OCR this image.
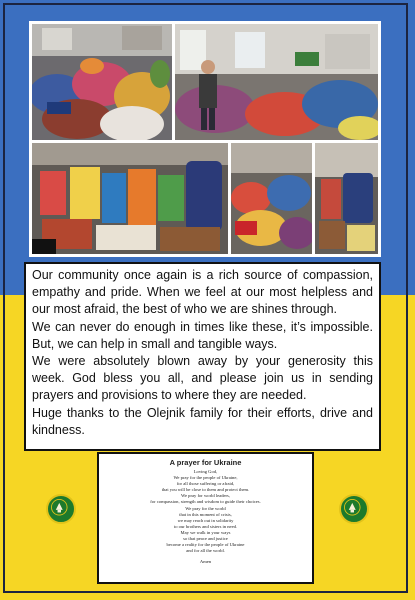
Our community once again is a rich source of compassion, empathy and pride. When we feel at our most helpless and our most afraid, the best of who we are shines through.

We can never do enough in times like these, it’s impossible. But, we can help in small and tangible ways.

We were absolutely blown away by your generosity this week. God bless you all, and please join us in sending prayers and provisions to where they are needed.

Huge thanks to the Olejnik family for their efforts, drive and kindness.

A prayer for Ukraine
Loving God,
We pray for the people of Ukraine,
for all those suffering or afraid,
that you will be close to them and protect them.
We pray for world leaders,
for compassion, strength and wisdom to guide their choices.
We pray for the world
that in this moment of crisis,
we may reach out in solidarity
to our brothers and sisters in need.
May we walk in your ways
so that peace and justice
become a reality for the people of Ukraine
and for all the world.
Amen
